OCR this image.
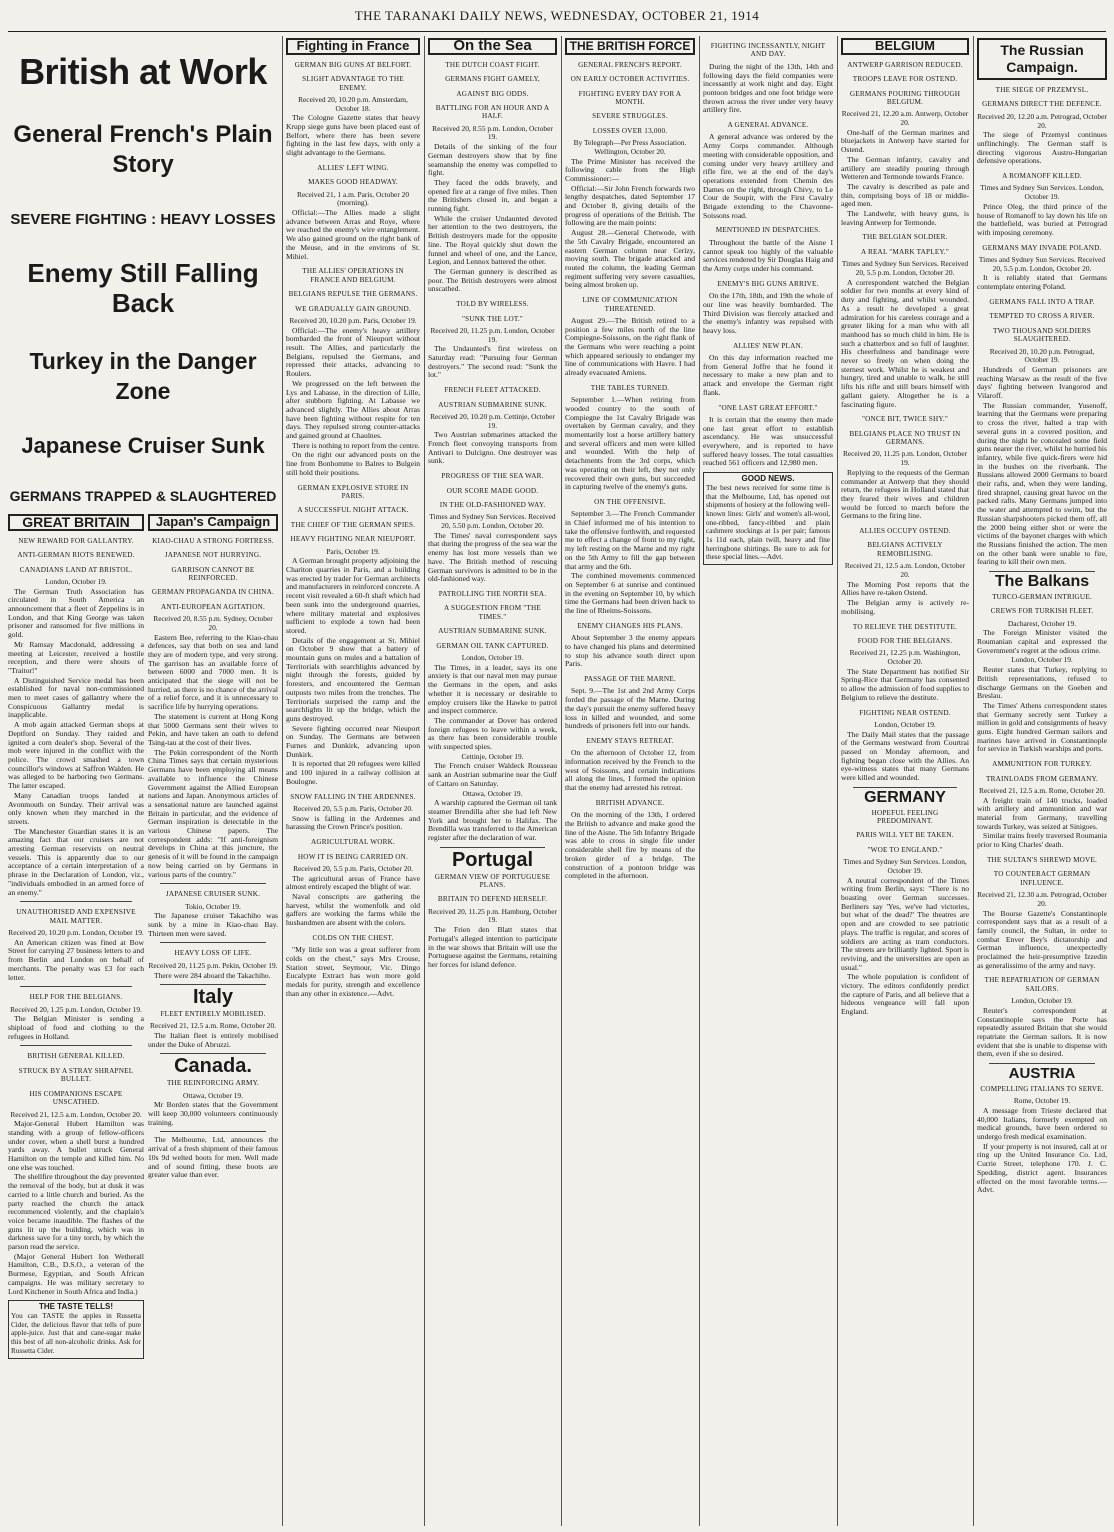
THE TARANAKI DAILY NEWS, WEDNESDAY, OCTOBER 21, 1914
British at Work
General French's Plain Story
SEVERE FIGHTING : HEAVY LOSSES
Enemy Still Falling Back
Turkey in the Danger Zone
Japanese Cruiser Sunk
GERMANS TRAPPED & SLAUGHTERED
GREAT BRITAIN
NEW REWARD FOR GALLANTRY.
ANTI-GERMAN RIOTS RENEWED.
CANADIANS LAND AT BRISTOL.
London, October 19.

The German Truth Association has circulated in South America an announcement that a fleet of Zeppelins is in London, and that King George was taken prisoner and ransomed for five millions in gold.

Mr Ramsay Macdonald, addressing a meeting at Leicester, received a hostile reception, and there were shouts of "Traitor!"

A Distinguished Service medal has been established for naval non-commissioned men to meet cases of gallantry where the Conspicuous Gallantry medal is inapplicable.

A mob again attacked German shops at Deptford on Sunday. They raided and ignited a corn dealer's shop. Several of the mob were injured in the conflict with the police. The crowd smashed a town councillor's windows at Saffron Walden. He was alleged to be harboring two Germans. The latter escaped.

Many Canadian troops landed at Avonmouth on Sunday. Their arrival was only known when they marched in the streets.

The Manchester Guardian states it is an amazing fact that our cruisers are not arresting German reservists on neutral vessels. This is apparently due to our acceptance of a certain interpretation of a phrase in the Declaration of London, viz., "individuals embodied in an armed force of an enemy."

UNAUTHORISED AND EXPENSIVE MAIL MATTER.
Received 20, 10.20 p.m. London, October 19.

An American citizen was fined at Bow Street for carrying 27 business letters to and from Berlin and London on behalf of merchants. The penalty was £3 for each letter.

HELP FOR THE BELGIANS.
Received 20, 1.25 p.m. London, October 19.

The Belgian Minister is sending a shipload of food and clothing to the refugees in Holland.

BRITISH GENERAL KILLED.
STRUCK BY A STRAY SHRAPNEL BULLET.
HIS COMPANIONS ESCAPE UNSCATHED.
Received 21, 12.5 a.m. London, October 20.

Major-General Hubert Hamilton was standing with a group of fellow-officers under cover, when a shell burst a hundred yards away. A bullet struck General Hamilton on the temple and killed him. No one else was touched.

The shellfire throughout the day prevented the removal of the body, but at dusk it was carried to a little church and buried. As the party reached the church the attack recommenced violently, and the chaplain's voice became inaudible. The flashes of the guns lit up the building, which was in darkness save for a tiny torch, by which the parson read the service.

(Major General Hubert Ion Wetherall Hamilton, C.B., D.S.O., a veteran of the Burmese, Egyptian, and South African campaigns. He was military secretary to Lord Kitchener in South Africa and India.)

THE TASTE TELLS!
You can TASTE the apples in Russetta Cider, the delicious flavor that tells of pure apple-juice. Just that and cane-sugar make this best of all non-alcoholic drinks. Ask for Russetta Cider.
Japan's Campaign
KIAO-CHAU A STRONG FORTRESS.
JAPANESE NOT HURRYING.
GARRISON CANNOT BE REINFORCED.
GERMAN PROPAGANDA IN CHINA.
ANTI-EUROPEAN AGITATION.
Received 20, 8.55 p.m. Sydney, October 20.

Eastern Bee, referring to the Kiao-chau defences, say that both on sea and land they are of modern type, and very strong. The garrison has an available force of between 6000 and 7000 men. It is anticipated that the siege will not be hurried, as there is no chance of the arrival of a relief force, and it is unnecessary to sacrifice life by hurrying operations.

The statement is current at Hong Kong that 5000 Germans sent their wives to Pekin, and have taken an oath to defend Tsing-tau at the cost of their lives.

The Pekin correspondent of the North China Times says that certain mysterious Germans have been employing all means available to influence the Chinese Government against the Allied European nations and Japan. Anonymous articles of a sensational nature are launched against Britain in particular, and the evidence of German inspiration is detectable in the various Chinese papers. The correspondent adds: "If anti-foreignism develops in China at this juncture, the genesis of it will be found in the campaign now being carried on by Germans in various parts of the country."

JAPANESE CRUISER SUNK.
Tokio, October 19.

The Japanese cruiser Takachiho was sunk by a mine in Kiao-chau Bay. Thirteen men were saved.

HEAVY LOSS OF LIFE.
Received 20, 11.25 p.m. Pekin, October 19.

There were 284 aboard the Takachiho.

Italy
FLEET ENTIRELY MOBILISED.
Received 21, 12.5 a.m. Rome, October 20.

The Italian fleet is entirely mobilised under the Duke of Abruzzi.

Canada.
THE REINFORCING ARMY.
Ottawa, October 19.

Mr Borden states that the Government will keep 30,000 volunteers continuously training.

The Melbourne, Ltd, announces the arrival of a fresh shipment of their famous 10s 9d welted boots for men. Well made and of sound fitting, these boots are greater value than ever.

Fighting in France
GERMAN BIG GUNS AT BELFORT.
SLIGHT ADVANTAGE TO THE ENEMY.
Received 20, 10.20 p.m. Amsterdam, October 18.

The Cologne Gazette states that heavy Krupp siege guns have been placed east of Belfort, where there has been severe fighting in the last few days, with only a slight advantage to the Germans.

ALLIES' LEFT WING.
MAKES GOOD HEADWAY.
Received 21, 1 a.m. Paris, October 20 (morning).

Official:—The Allies made a slight advance between Arras and Roye, where we reached the enemy's wire entanglement. We also gained ground on the right bank of the Meuse, and in the environs of St. Mihiel.

THE ALLIES' OPERATIONS IN FRANCE AND BELGIUM.
BELGIANS REPULSE THE GERMANS.
WE GRADUALLY GAIN GROUND.
Received 20, 10.20 p.m. Paris, October 19.

Official:—The enemy's heavy artillery bombarded the front of Nieuport without result. The Allies, and particularly the Belgians, repulsed the Germans, and repressed their attacks, advancing to Roulers.

We progressed on the left between the Lys and Labasse, in the direction of Lille, after stubborn fighting. At Labasse we advanced slightly. The Allies about Arras have been fighting without respite for ten days. They repulsed strong counter-attacks and gained ground at Chaulnes.

There is nothing to report from the centre.

On the right our advanced posts on the line from Bonhomme to Balres to Bulgein still hold their positions.

GERMAN EXPLOSIVE STORE IN PARIS.
A SUCCESSFUL NIGHT ATTACK.
THE CHIEF OF THE GERMAN SPIES.
HEAVY FIGHTING NEAR NIEUPORT.
Paris, October 19.

A German brought property adjoining the Chariton quarries in Paris, and a building was erected by trader for German architects and manufacturers in reinforced concrete. A recent visit revealed a 60-ft shaft which had been sunk into the underground quarries, where military material and explosives sufficient to explode a town had been stored.

Details of the engagement at St. Mihiel on October 9 show that a battery of mountain guns on mules and a battalion of Territorials with searchlights advanced by night through the forests, guided by foresters, and encountered the German outposts two miles from the trenches. The Territorials surprised the camp and the searchlights lit up the bridge, which the guns destroyed.

Severe fighting occurred near Nieuport on Sunday. The Germans are between Furnes and Dunkirk, advancing upon Dunkirk.

It is reported that 20 refugees were killed and 100 injured in a railway collision at Boulogne.

SNOW FALLING IN THE ARDENNES.
Received 20, 5.5 p.m. Paris, October 20.

Snow is falling in the Ardennes and harassing the Crown Prince's position.

AGRICULTURAL WORK.
HOW IT IS BEING CARRIED ON.
Received 20, 5.5 p.m. Paris, October 20.

The agricultural areas of France have almost entirely escaped the blight of war.

Naval conscripts are gathering the harvest, whilst the womenfolk and old gaffers are working the farms while the husbandmen are absent with the colors.

COLDS ON THE CHEST.

"My little son was a great sufferer from colds on the chest," says Mrs Crouse, Station street, Seymour, Vic. Dingo Eucalypte Extract has won more gold medals for purity, strength and excellence than any other in existence.—Advt.

On the Sea
THE DUTCH COAST FIGHT.
GERMANS FIGHT GAMELY,
AGAINST BIG ODDS.
BATTLING FOR AN HOUR AND A HALF.
Received 20, 8.55 p.m. London, October 19.

Details of the sinking of the four German destroyers show that by fine seamanship the enemy was compelled to fight.

They faced the odds bravely, and opened fire at a range of five miles. Then the Britishers closed in, and began a running fight.

While the cruiser Undaunted devoted her attention to the two destroyers, the British destroyers made for the opposite line. The Royal quickly shut down the funnel and wheel of one, and the Lance, Legion, and Lennox battered the other.

The German gunnery is described as poor. The British destroyers were almost unscathed.

TOLD BY WIRELESS.
"SUNK THE LOT."
Received 20, 11.25 p.m. London, October 19.

The Undaunted's first wireless on Saturday read: "Pursuing four German destroyers." The second read: "Sunk the lot."

FRENCH FLEET ATTACKED.
AUSTRIAN SUBMARINE SUNK.
Received 20, 10.20 p.m. Cettinje, October 19.

Two Austrian submarines attacked the French fleet convoying transports from Antivari to Dulcigno. One destroyer was sunk.

PROGRESS OF THE SEA WAR.
OUR SCORE MADE GOOD.
IN THE OLD-FASHIONED WAY.
Times and Sydney Sun Services. Received 20, 5.50 p.m. London, October 20.

The Times' naval correspondent says that during the progress of the sea war the enemy has lost more vessels than we have. The British method of rescuing German survivors is admitted to be in the old-fashioned way.

PATROLLING THE NORTH SEA.
A SUGGESTION FROM "THE TIMES."
AUSTRIAN SUBMARINE SUNK.
GERMAN OIL TANK CAPTURED.
London, October 19.

The Times, in a leader, says its one anxiety is that our naval men may pursue the Germans in the open, and asks whether it is necessary or desirable to employ cruisers like the Hawke to patrol and inspect commerce.

The commander at Dover has ordered foreign refugees to leave within a week, as there has been considerable trouble with suspected spies.

Cettinje, October 19.

The French cruiser Waldeck Rousseau sank an Austrian submarine near the Gulf of Cattaro on Saturday.

Ottawa, October 19.

A warship captured the German oil tank steamer Brendilla after she had left New York and brought her to Halifax. The Brendilla was transferred to the American register after the declaration of war.

Portugal
GERMAN VIEW OF PORTUGUESE PLANS.
BRITAIN TO DEFEND HERSELF.
Received 20, 11.25 p.m. Hamburg, October 19.

The Frien den Blatt states that Portugal's alleged intention to participate in the war shows that Britain will use the Portuguese against the Germans, retaining her forces for island defence.

THE BRITISH FORCE
GENERAL FRENCH'S REPORT.
ON EARLY OCTOBER ACTIVITIES.
FIGHTING EVERY DAY FOR A MONTH.
SEVERE STRUGGLES.
LOSSES OVER 13,000.
By Telegraph—Per Press Association. Wellington, October 20.

The Prime Minister has received the following cable from the High Commissioner:—

Official:—Sir John French forwards two lengthy despatches, dated September 17 and October 8, giving details of the progress of operations of the British. The following are the main points:

August 28.—General Chetwode, with the 5th Cavalry Brigade, encountered an eastern German column near Cerizy, moving south. The brigade attacked and routed the column, the leading German regiment suffering very severe casualties, being almost broken up.

LINE OF COMMUNICATION THREATENED.

August 29.—The British retired to a position a few miles north of the line Compiegne-Soissons, on the right flank of the Germans who were reaching a point which appeared seriously to endanger my line of communications with Havre. I had already evacuated Amiens.

THE TABLES TURNED.

September 1.—When retiring from wooded country to the south of Compiegne the 1st Cavalry Brigade was overtaken by German cavalry, and they momentarily lost a horse artillery battery and several officers and men were killed and wounded. With the help of detachments from the 3rd corps, which was operating on their left, they not only recovered their own guns, but succeeded in capturing twelve of the enemy's guns.

ON THE OFFENSIVE.

September 3.—The French Commander in Chief informed me of his intention to take the offensive forthwith, and requested me to effect a change of front to my right, my left resting on the Marne and my right on the 5th Army to fill the gap between that army and the 6th.

The combined movements commenced on September 6 at sunrise and continued in the evening on September 10, by which time the Germans had been driven back to the line of Rheims-Soissons.

ENEMY CHANGES HIS PLANS.

About September 3 the enemy appears to have changed his plans and determined to stop his advance south direct upon Paris.

PASSAGE OF THE MARNE.

Sept. 9.—The 1st and 2nd Army Corps forded the passage of the Marne. During the day's pursuit the enemy suffered heavy loss in killed and wounded, and some hundreds of prisoners fell into our hands.

ENEMY STAYS RETREAT.

On the afternoon of October 12, from information received by the French to the west of Soissons, and certain indications all along the lines, I formed the opinion that the enemy had arrested his retreat.

BRITISH ADVANCE.

On the morning of the 13th, I ordered the British to advance and make good the line of the Aisne. The 5th Infantry Brigade was able to cross in single file under considerable shell fire by means of the broken girder of a bridge. The construction of a pontoon bridge was completed in the afternoon.

FIGHTING INCESSANTLY, NIGHT AND DAY.

During the night of the 13th, 14th and following days the field companies were incessantly at work night and day. Eight pontoon bridges and one foot bridge were thrown across the river under very heavy artillery fire.

A GENERAL ADVANCE.

A general advance was ordered by the Army Corps commander. Although meeting with considerable opposition, and coming under very heavy artillery and rifle fire, we at the end of the day's operations extended from Chemin des Dames on the right, through Chivy, to Le Cour de Soupir, with the First Cavalry Brigade extending to the Chavonne-Soissons road.

MENTIONED IN DESPATCHES.

Throughout the battle of the Aisne I cannot speak too highly of the valuable services rendered by Sir Douglas Haig and the Army corps under his command.

ENEMY'S BIG GUNS ARRIVE.

On the 17th, 18th, and 19th the whole of our line was heavily bombarded. The Third Division was fiercely attacked and the enemy's infantry was repulsed with heavy loss.

ALLIES' NEW PLAN.

On this day information reached me from General Joffre that he found it necessary to make a new plan and to attack and envelope the German right flank.

"ONE LAST GREAT EFFORT."

It is certain that the enemy then made one last great effort to establish ascendancy. He was unsuccessful everywhere, and is reported to have suffered heavy losses. The total casualties reached 561 officers and 12,980 men.

GOOD NEWS.
The best news received for some time is that the Melbourne, Ltd, has opened out shipments of hosiery at the following well-known lines: Girls' and women's all-wool, one-ribbed, fancy-ribbed and plain cashmere stockings at 1s per pair; famous 1s 11d each, plain twill, heavy and fine herringbone shirtings. Be sure to ask for these special lines.—Advt.
BELGIUM
ANTWERP GARRISON REDUCED.
TROOPS LEAVE FOR OSTEND.
GERMANS POURING THROUGH BELGIUM.
Received 21, 12.20 a.m. Antwerp, October 20.

One-half of the German marines and bluejackets in Antwerp have started for Ostend.

The German infantry, cavalry and artillery are steadily pouring through Wetteren and Termonde towards France.

The cavalry is described as pale and thin, comprising boys of 18 or middle-aged men.

The Landwehr, with heavy guns, is leaving Antwerp for Termonde.

THE BELGIAN SOLDIER.
A REAL "MARK TAPLEY."
Times and Sydney Sun Services. Received 20, 5.5 p.m. London, October 20.

A correspondent watched the Belgian soldier for two months at every kind of duty and fighting, and whilst wounded. As a result he developed a great admiration for his careless courage and a greater liking for a man who with all manhood has so much child in him. He is such a chatterbox and so full of laughter. His cheerfulness and bandinage were never so freely on when doing the sternest work. Whilst he is weakest and hungry, tired and unable to walk, he still lifts his rifle and still bears himself with gallant gaiety. Altogether he is a fascinating figure.

"ONCE BIT, TWICE SHY."
BELGIANS PLACE NO TRUST IN GERMANS.
Received 20, 11.25 p.m. London, October 19.

Replying to the requests of the German commander at Antwerp that they should return, the refugees in Holland stated that they feared their wives and children would be forced to march before the Germans to the firing line.

ALLIES OCCUPY OSTEND.
BELGIANS ACTIVELY REMOBILISING.
Received 21, 12.5 a.m. London, October 20.

The Morning Post reports that the Allies have re-taken Ostend.

The Belgian army is actively re-mobilising.

TO RELIEVE THE DESTITUTE.
FOOD FOR THE BELGIANS.
Received 21, 12.25 p.m. Washington, October 20.

The State Department has notified Sir Spring-Rice that Germany has consented to allow the admission of food supplies to Belgium to relieve the destitute.

FIGHTING NEAR OSTEND.
London, October 19.

The Daily Mail states that the passage of the Germans westward from Courtrai passed on Monday afternoon, and fighting began close with the Allies. An eye-witness states that many Germans were killed and wounded.

GERMANY
HOPEFUL FEELING PREDOMINANT.
PARIS WILL YET BE TAKEN.
"WOE TO ENGLAND."
Times and Sydney Sun Services. London, October 19.

A neutral correspondent of the Times writing from Berlin, says: "There is no boasting over German successes. Berliners say 'Yes, we've had victories, but what of the dead?' The theatres are open and are crowded to see patriotic plays. The traffic is regular, and scores of soldiers are acting as tram conductors. The streets are brilliantly lighted. Sport is reviving, and the universities are open as usual."

The whole population is confident of victory. The editors confidently predict the capture of Paris, and all believe that a hideous vengeance will fall upon England.

The Russian Campaign.
THE SIEGE OF PRZEMYSL.
GERMANS DIRECT THE DEFENCE.
Received 20, 12.20 a.m. Petrograd, October 20.

The siege of Przemysl continues unflinchingly. The German staff is directing vigorous Austro-Hungarian defensive operations.

A ROMANOFF KILLED.
Times and Sydney Sun Services. London, October 19.

Prince Oleg, the third prince of the house of Romanoff to lay down his life on the battlefield, was buried at Petrograd with imposing ceremony.

GERMANS MAY INVADE POLAND.
Times and Sydney Sun Services. Received 20, 5.5 p.m. London, October 20.

It is reliably stated that Germans contemplate entering Poland.

GERMANS FALL INTO A TRAP.
TEMPTED TO CROSS A RIVER.
TWO THOUSAND SOLDIERS SLAUGHTERED.
Received 20, 10.20 p.m. Petrograd, October 19.

Hundreds of German prisoners are reaching Warsaw as the result of the five days' fighting between Ivangorod and Vilaroff.

The Russian commander, Yusenoff, learning that the Germans were preparing to cross the river, halted a trap with several guns in a covered position, and during the night he concealed some field guns nearer the river, whilst he hurried his infantry, while five quick-firers were hid in the bushes on the riverbank. The Russians allowed 2000 Germans to board their rafts, and, when they were landing, fired shrapnel, causing great havoc on the packed rafts. Many Germans jumped into the water and attempted to swim, but the Russian sharpshooters picked them off, all the 2000 being either shot or were the victims of the bayonet charges with which the Russians finished the action. The men on the other bank were unable to fire, fearing to kill their own men.

The Balkans
TURCO-GERMAN INTRIGUE.
CREWS FOR TURKISH FLEET.
Dacharest, October 19.

The Foreign Minister visited the Roumanian capital and expressed the Government's regret at the odious crime.

London, October 19.

Reuter states that Turkey, replying to British representations, refused to discharge Germans on the Goeben and Breslau.

The Times' Athens correspondent states that Germany secretly sent Turkey a million in gold and consignments of heavy guns. Eight hundred German sailors and marines have arrived in Constantinople for service in Turkish warships and ports.

AMMUNITION FOR TURKEY.
TRAINLOADS FROM GERMANY.
Received 21, 12.5 a.m. Rome, October 20.

A freight train of 140 trucks, loaded with artillery and ammunition and war material from Germany, travelling towards Turkey, was seized at Sinigoes.

Similar trains freely traversed Roumania prior to King Charles' death.

THE SULTAN'S SHREWD MOVE.
TO COUNTERACT GERMAN INFLUENCE.
Received 21, 12.30 a.m. Petrograd, October 20.

The Bourse Gazette's Constantinople correspondent says that as a result of a family council, the Sultan, in order to combat Enver Bey's dictatorship and German influence, unexpectedly proclaimed the heir-presumptive Izzedin as generalissimo of the army and navy.

THE REPATRIATION OF GERMAN SAILORS.
London, October 19.

Reuter's correspondent at Constantinople says the Porte has repeatedly assured Britain that she would repatriate the German sailors. It is now evident that she is unable to dispense with them, even if she so desired.

AUSTRIA
COMPELLING ITALIANS TO SERVE.
Rome, October 19.

A message from Trieste declared that 40,000 Italians, formerly exempted on medical grounds, have been ordered to undergo fresh medical examination.

If your property is not insured, call at or ring up the United Insurance Co. Ltd, Currie Street, telephone 170. J. C. Spedding, district agent. Insurances effected on the most favorable terms.—Advt.
